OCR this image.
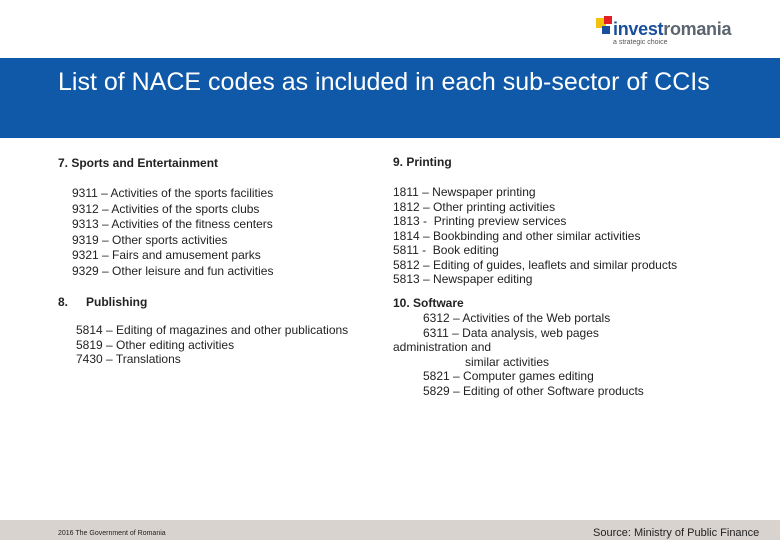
investromania
a strategic choice
List of NACE codes as included in each sub-sector of CCIs
7. Sports and Entertainment
9311 – Activities of the sports facilities
9312 – Activities of the sports clubs
9313 – Activities of the fitness centers
9319 – Other sports activities
9321 – Fairs and amusement parks
9329 – Other leisure and fun activities
8. Publishing
5814 – Editing of magazines and other publications
5819 – Other editing activities
7430 – Translations
9. Printing
1811 – Newspaper printing
1812 – Other printing activities
1813 -  Printing preview services
1814 – Bookbinding and other similar activities
5811 -  Book editing
5812 – Editing of guides, leaflets and similar products
5813 – Newspaper editing
10. Software
6312 – Activities of the Web portals
6311 – Data analysis, web pages
administration and
similar activities
5821 – Computer games editing
5829 – Editing of other Software products
2016 The Government of Romania	Source: Ministry of Public Finance
